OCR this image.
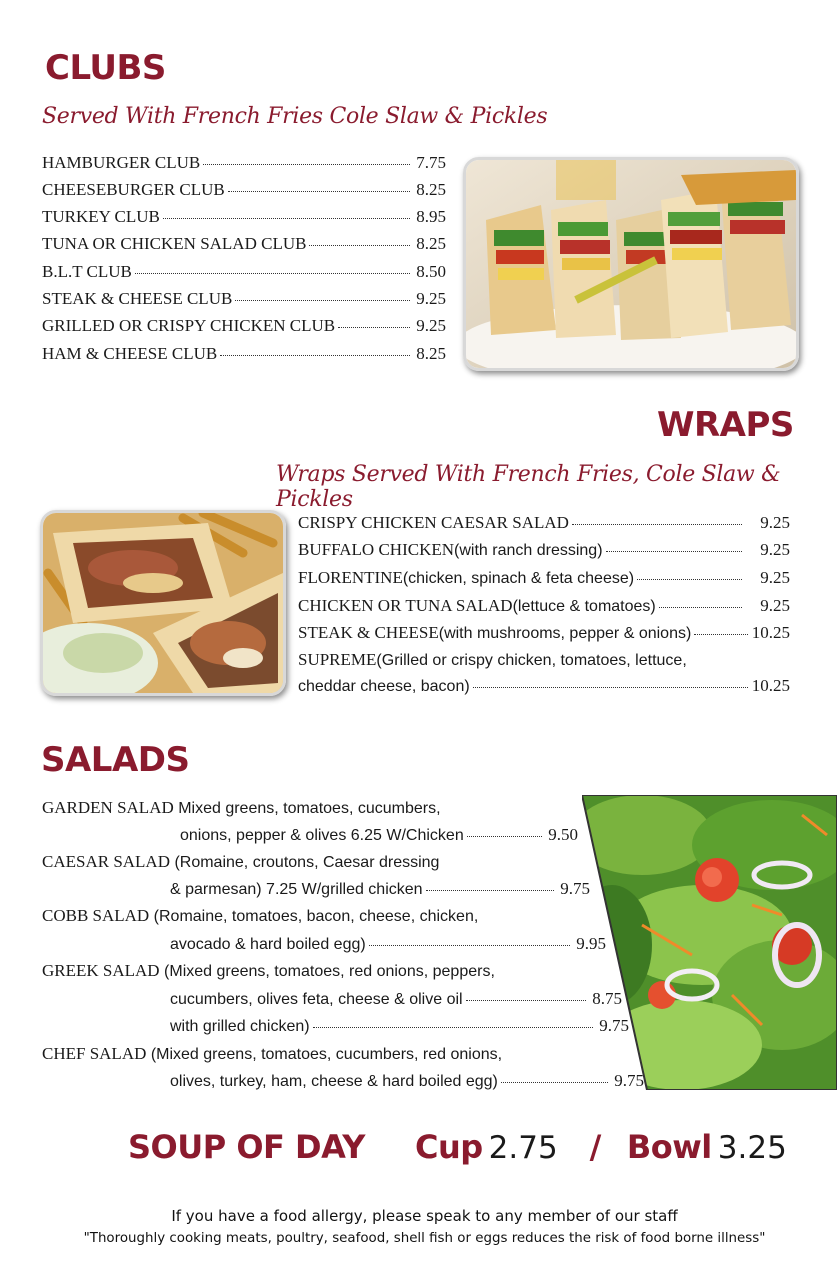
CLUBS
Served With French Fries Cole Slaw & Pickles
HAMBURGER CLUB	7.75
CHEESEBURGER CLUB	8.25
TURKEY CLUB	8.95
TUNA OR CHICKEN SALAD CLUB	8.25
B.L.T CLUB	8.50
STEAK & CHEESE CLUB	9.25
GRILLED OR CRISPY CHICKEN CLUB	9.25
HAM & CHEESE CLUB	8.25
WRAPS
Wraps Served With French Fries, Cole Slaw & Pickles
CRISPY CHICKEN CAESAR SALAD	9.25
BUFFALO CHICKEN (with ranch dressing)	9.25
FLORENTINE (chicken, spinach & feta cheese)	9.25
CHICKEN OR TUNA SALAD (lettuce & tomatoes)	9.25
STEAK & CHEESE (with mushrooms, pepper & onions)	10.25
SUPREME (Grilled or crispy chicken, tomatoes, lettuce,
cheddar cheese, bacon)	10.25
SALADS
GARDEN SALAD Mixed greens, tomatoes, cucumbers,
onions, pepper & olives 6.25 W/Chicken	9.50
CAESAR SALAD (Romaine, croutons, Caesar dressing
& parmesan) 7.25 W/grilled chicken	9.75
COBB SALAD (Romaine, tomatoes, bacon, cheese, chicken,
avocado & hard boiled egg)	9.95
GREEK SALAD (Mixed greens, tomatoes, red onions, peppers,
cucumbers, olives feta, cheese & olive oil	8.75
with grilled chicken)	9.75
CHEF SALAD (Mixed greens, tomatoes, cucumbers, red onions,
olives, turkey, ham, cheese & hard boiled egg)	9.75
SOUP OF DAY Cup 2.75 / Bowl 3.25
If you have a food allergy, please speak to any member of our staff
"Thoroughly cooking meats, poultry, seafood, shell fish or eggs reduces the risk of food borne illness"
